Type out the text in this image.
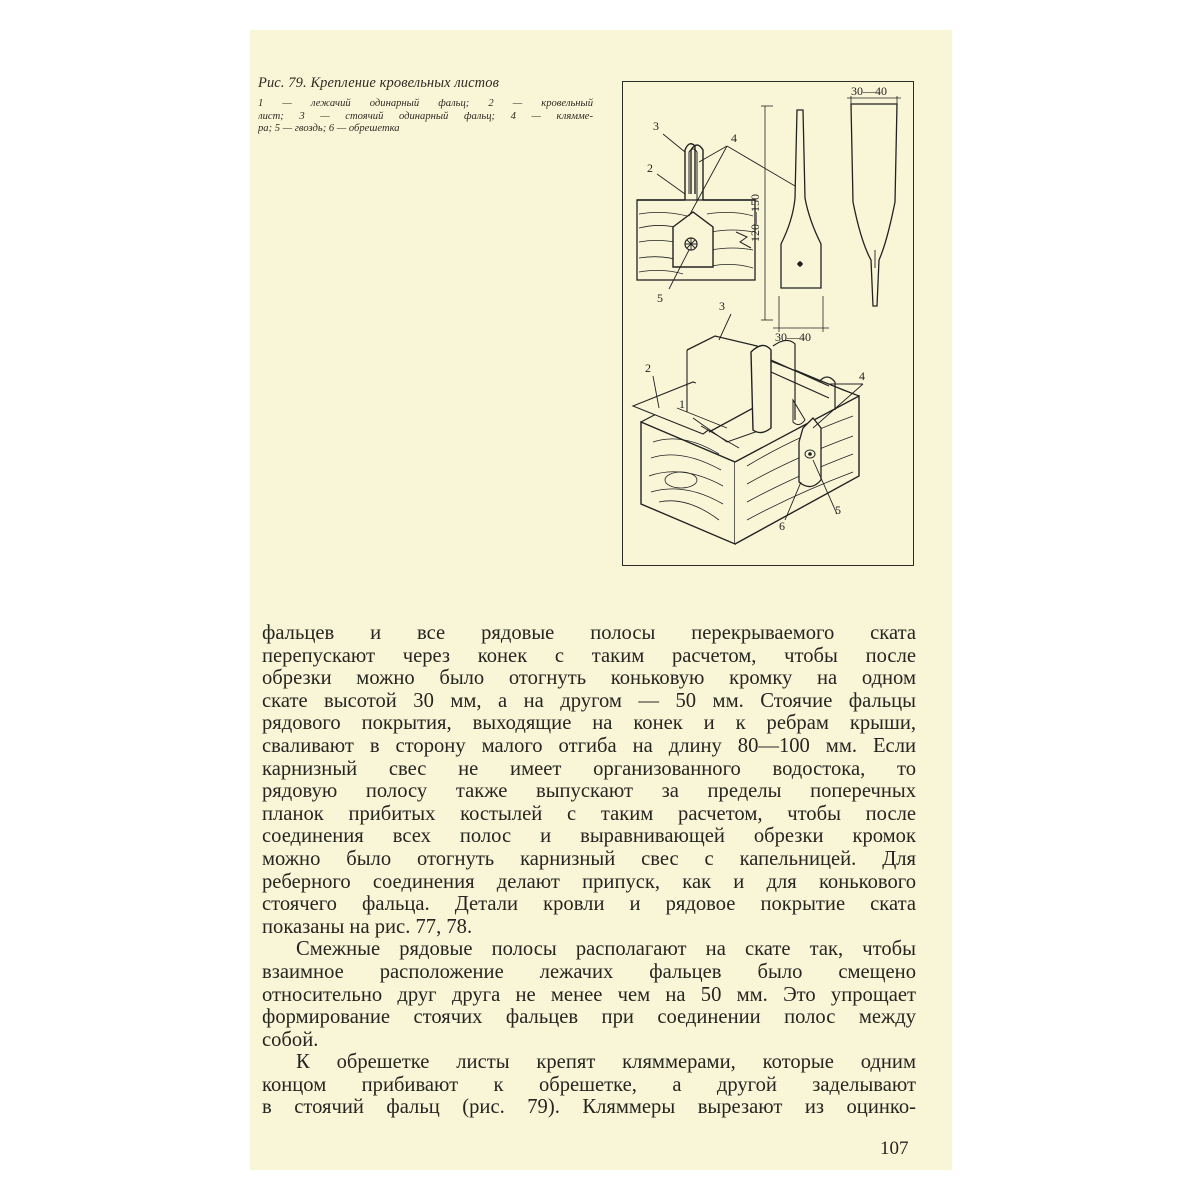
Рис. 79. Крепление кровельных листов
1 — лежачий одинарный фальц; 2 — кровельный
лист; 3 — стоячий одинарный фальц; 4 — кляммe-
ра; 5 — гвоздь; 6 — обрешетка	3
2
4
5
120—150
30—40
30—40
3
2
1
4
5
6
фальцев и все рядовые полосы перекрываемого ската
перепускают через конек с таким расчетом, чтобы после
обрезки можно было отогнуть коньковую кромку на одном
скате высотой 30 мм, а на другом — 50 мм. Стоячие фальцы
рядового покрытия, выходящие на конек и к ребрам крыши,
сваливают в сторону малого отгиба на длину 80—100 мм. Если
карнизный свес не имеет организованного водостока, то
рядовую полосу также выпускают за пределы поперечных
планок прибитых костылей с таким расчетом, чтобы после
соединения всех полос и выравнивающей обрезки кромок
можно было отогнуть карнизный свес с капельницей. Для
реберного соединения делают припуск, как и для конькового
стоячего фальца. Детали кровли и рядовое покрытие ската
показаны на рис. 77, 78.
Смежные рядовые полосы располагают на скате так, чтобы
взаимное расположение лежачих фальцев было смещено
относительно друг друга не менее чем на 50 мм. Это упрощает
формирование стоячих фальцев при соединении полос между
собой.
К обрешетке листы крепят кляммерами, которые одним
концом прибивают к обрешетке, а другой заделывают
в стоячий фальц (рис. 79). Кляммеры вырезают из оцинко-
107
